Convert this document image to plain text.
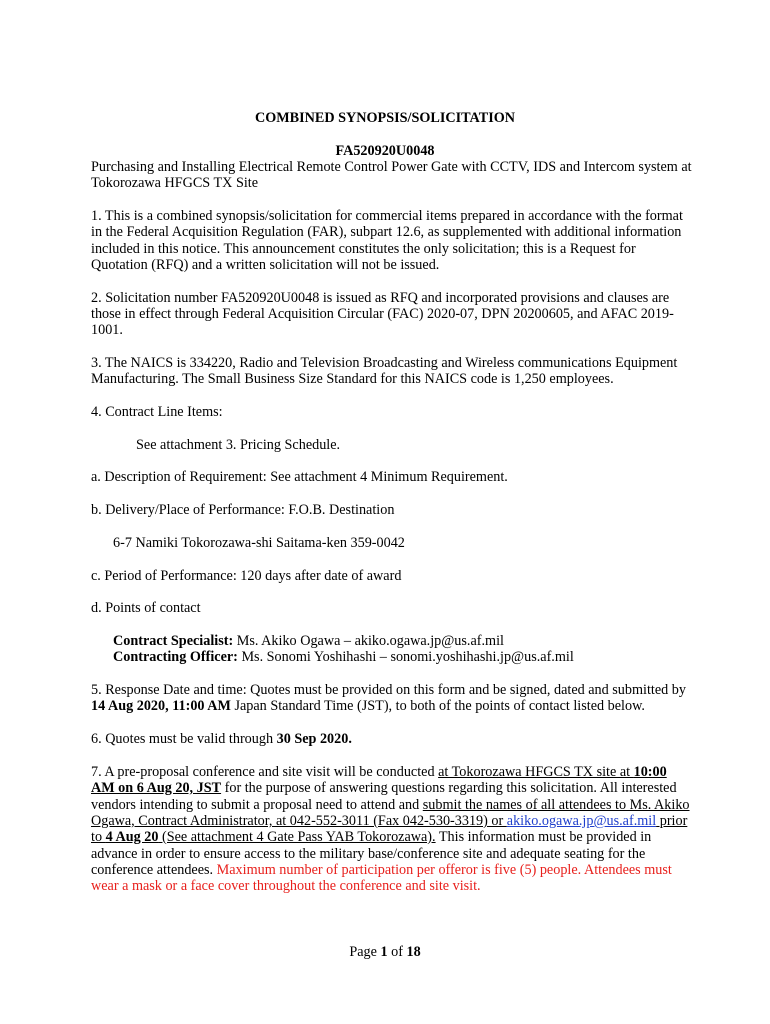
COMBINED SYNOPSIS/SOLICITATION
FA520920U0048
Purchasing and Installing Electrical Remote Control Power Gate with CCTV, IDS and Intercom system at
Tokorozawa HFGCS TX Site
1. This is a combined synopsis/solicitation for commercial items prepared in accordance with the format
in the Federal Acquisition Regulation (FAR), subpart 12.6, as supplemented with additional information
included in this notice. This announcement constitutes the only solicitation; this is a Request for
Quotation (RFQ) and a written solicitation will not be issued.
2. Solicitation number FA520920U0048 is issued as RFQ and incorporated provisions and clauses are
those in effect through Federal Acquisition Circular (FAC) 2020-07, DPN 20200605, and AFAC 2019-
1001.
3. The NAICS is 334220, Radio and Television Broadcasting and Wireless communications Equipment
Manufacturing. The Small Business Size Standard for this NAICS code is 1,250 employees.
4. Contract Line Items:
See attachment 3. Pricing Schedule.
a. Description of Requirement: See attachment 4 Minimum Requirement.
b. Delivery/Place of Performance: F.O.B. Destination
6-7 Namiki Tokorozawa-shi Saitama-ken 359-0042
c. Period of Performance: 120 days after date of award
d. Points of contact
Contract Specialist: Ms. Akiko Ogawa – akiko.ogawa.jp@us.af.mil
Contracting Officer: Ms. Sonomi Yoshihashi – sonomi.yoshihashi.jp@us.af.mil
5. Response Date and time: Quotes must be provided on this form and be signed, dated and submitted by
14 Aug 2020, 11:00 AM Japan Standard Time (JST), to both of the points of contact listed below.
6. Quotes must be valid through 30 Sep 2020.
7. A pre-proposal conference and site visit will be conducted at Tokorozawa HFGCS TX site at 10:00
AM on 6 Aug 20, JST for the purpose of answering questions regarding this solicitation. All interested
vendors intending to submit a proposal need to attend and submit the names of all attendees to Ms. Akiko
Ogawa, Contract Administrator, at 042-552-3011 (Fax 042-530-3319) or akiko.ogawa.jp@us.af.mil prior
to 4 Aug 20 (See attachment 4 Gate Pass YAB Tokorozawa). This information must be provided in
advance in order to ensure access to the military base/conference site and adequate seating for the
conference attendees. Maximum number of participation per offeror is five (5) people. Attendees must
wear a mask or a face cover throughout the conference and site visit.
Page 1 of 18
